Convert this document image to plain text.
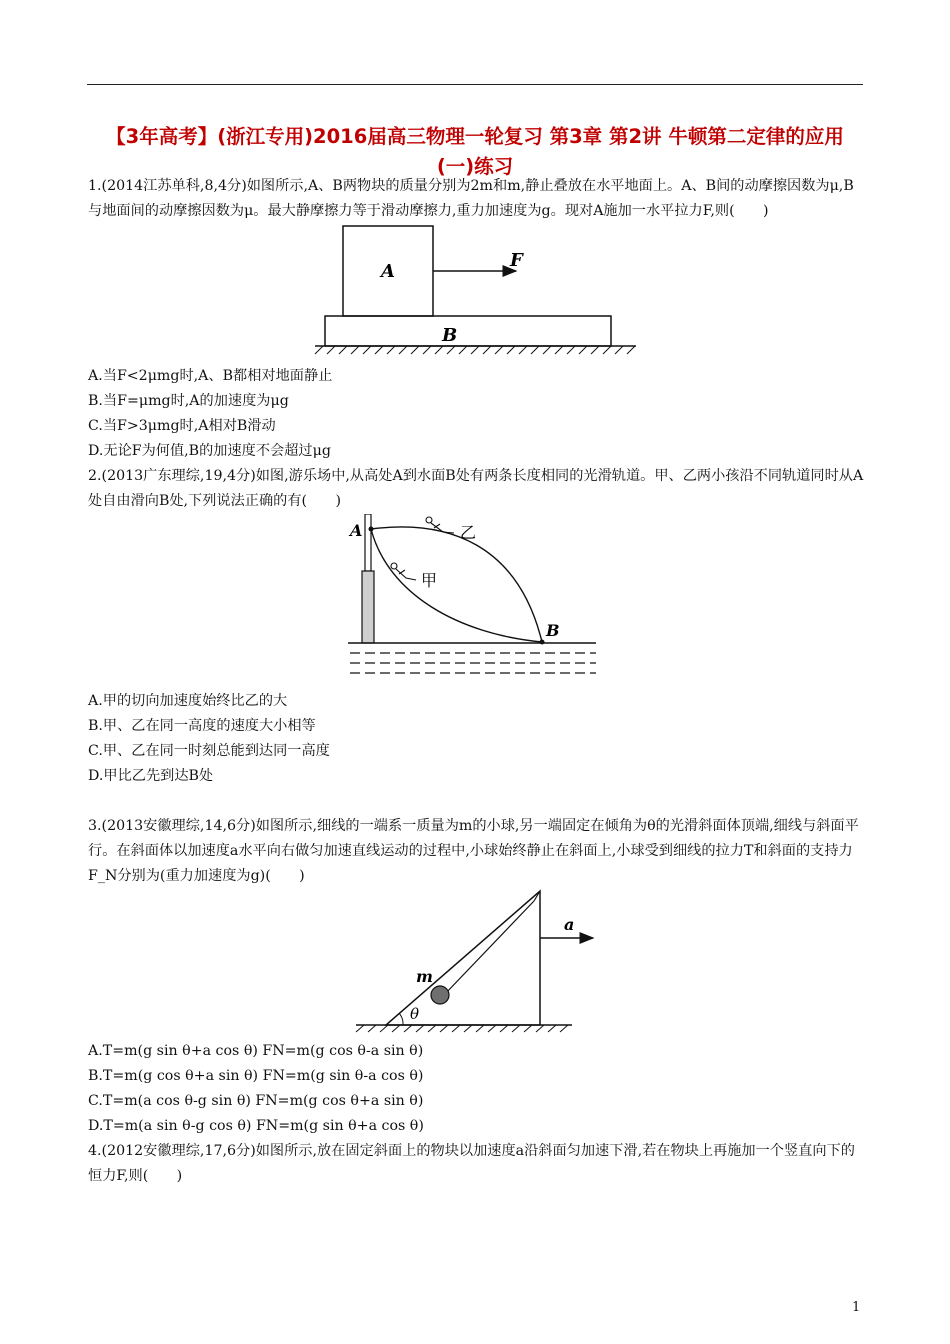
【3年高考】(浙江专用)2016届高三物理一轮复习 第3章 第2讲 牛顿第二定律的应用(一)练习

1.(2014江苏单科,8,4分)如图所示,A、B两物块的质量分别为2m和m,静止叠放在水平地面上。A、B间的动摩擦因数为μ,B与地面间的动摩擦因数为μ。最大静摩擦力等于滑动摩擦力,重力加速度为g。现对A施加一水平拉力F,则(　　)

A
B
F

A.当F<2μmg时,A、B都相对地面静止

B.当F=μmg时,A的加速度为μg

C.当F>3μmg时,A相对B滑动

D.无论F为何值,B的加速度不会超过μg

2.(2013广东理综,19,4分)如图,游乐场中,从高处A到水面B处有两条长度相同的光滑轨道。甲、乙两小孩沿不同轨道同时从A处自由滑向B处,下列说法正确的有(　　)

A
B
乙
甲

A.甲的切向加速度始终比乙的大

B.甲、乙在同一高度的速度大小相等

C.甲、乙在同一时刻总能到达同一高度

D.甲比乙先到达B处

3.(2013安徽理综,14,6分)如图所示,细线的一端系一质量为m的小球,另一端固定在倾角为θ的光滑斜面体顶端,细线与斜面平行。在斜面体以加速度a水平向右做匀加速直线运动的过程中,小球始终静止在斜面上,小球受到细线的拉力T和斜面的支持力F_N分别为(重力加速度为g)(　　)

m
a
θ

A.T=m(g sin θ+a cos θ) FN=m(g cos θ-a sin θ)

B.T=m(g cos θ+a sin θ) FN=m(g sin θ-a cos θ)

C.T=m(a cos θ-g sin θ) FN=m(g cos θ+a sin θ)

D.T=m(a sin θ-g cos θ) FN=m(g sin θ+a cos θ)

4.(2012安徽理综,17,6分)如图所示,放在固定斜面上的物块以加速度a沿斜面匀加速下滑,若在物块上再施加一个竖直向下的恒力F,则(　　)

1
